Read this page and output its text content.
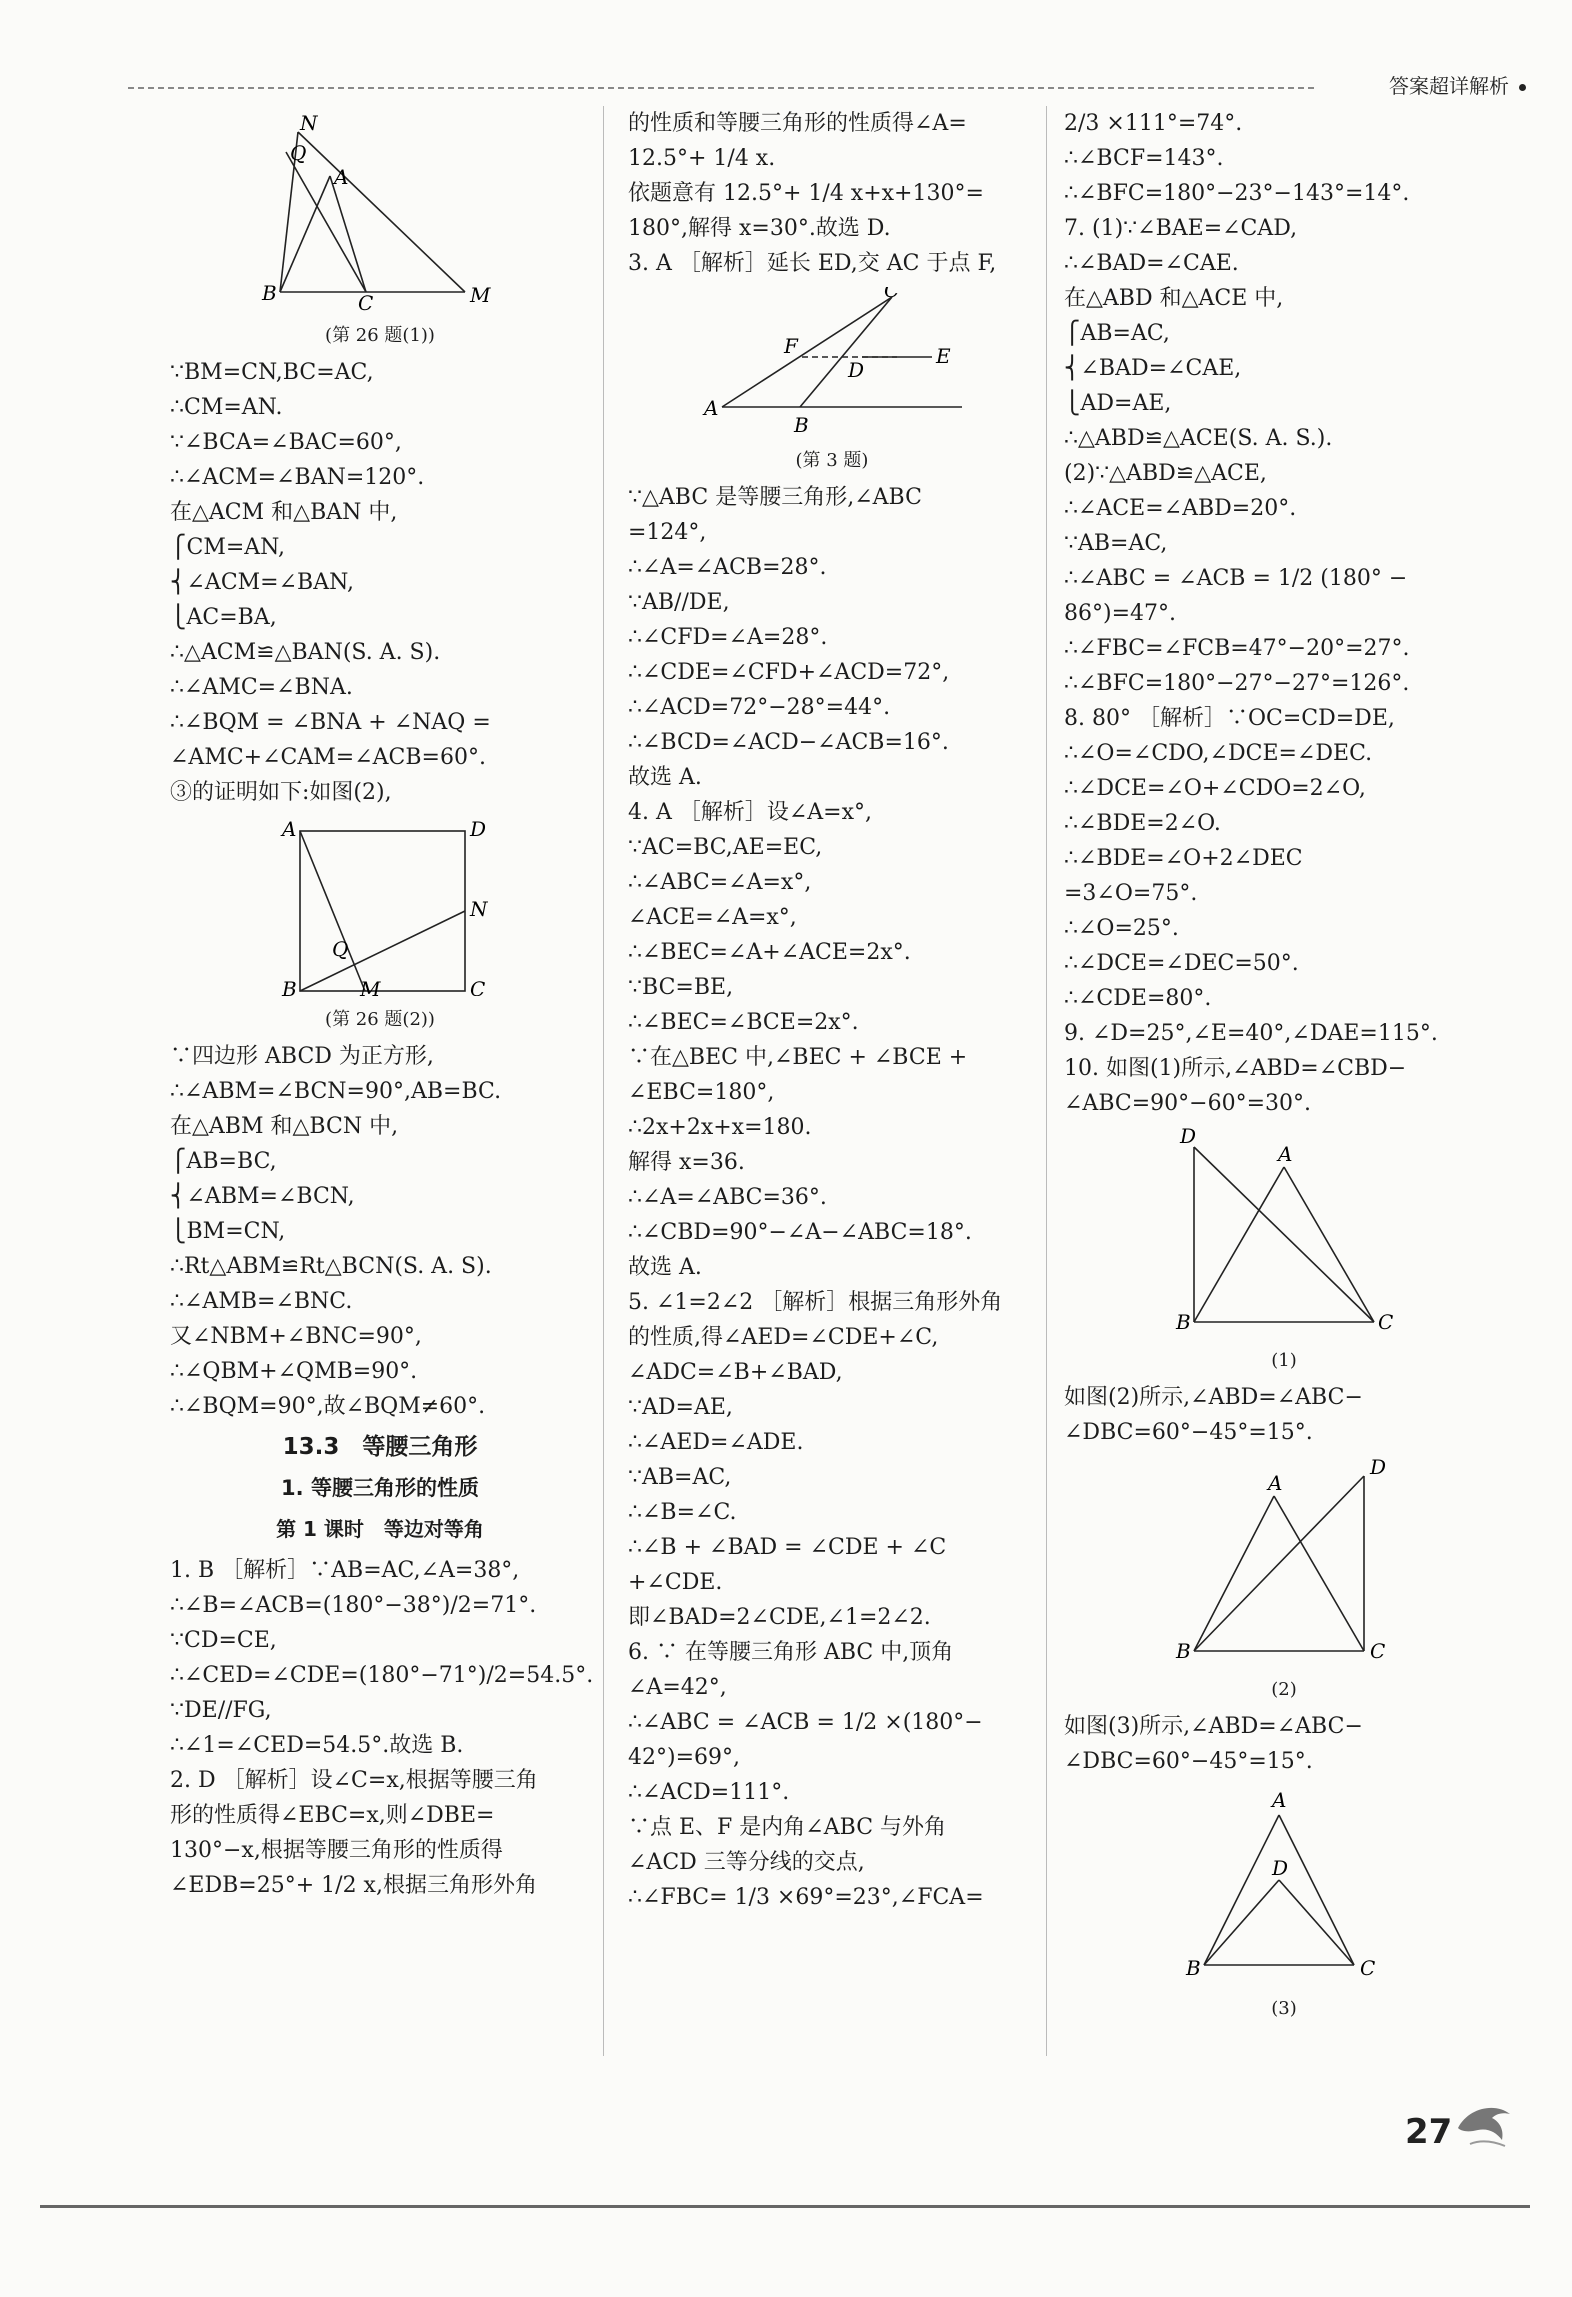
答案超详解析
N
Q
A
B	C	M
(第 26 题(1))
∵BM=CN,BC=AC,
∴CM=AN.
∵∠BCA=∠BAC=60°,
∴∠ACM=∠BAN=120°.
在△ACM 和△BAN 中,
⎧CM=AN,
⎨∠ACM=∠BAN,
⎩AC=BA,
∴△ACM≌△BAN(S. A. S).
∴∠AMC=∠BNA.
∴∠BQM = ∠BNA + ∠NAQ =
∠AMC+∠CAM=∠ACB=60°.
③的证明如下:如图(2),
A	D
N
Q
B	M	C
(第 26 题(2))
∵四边形 ABCD 为正方形,
∴∠ABM=∠BCN=90°,AB=BC.
在△ABM 和△BCN 中,
⎧AB=BC,
⎨∠ABM=∠BCN,
⎩BM=CN,
∴Rt△ABM≌Rt△BCN(S. A. S).
∴∠AMB=∠BNC.
又∠NBM+∠BNC=90°,
∴∠QBM+∠QMB=90°.
∴∠BQM=90°,故∠BQM≠60°.
13.3　等腰三角形
1. 等腰三角形的性质
第 1 课时　等边对等角
1. B ［解析］∵AB=AC,∠A=38°,
∴∠B=∠ACB=(180°−38°)/2=71°.
∵CD=CE,
∴∠CED=∠CDE=(180°−71°)/2=54.5°.
∵DE//FG,
∴∠1=∠CED=54.5°.故选 B.
2. D ［解析］设∠C=x,根据等腰三角
形的性质得∠EBC=x,则∠DBE=
130°−x,根据等腰三角形的性质得
∠EDB=25°+ 1/2 x,根据三角形外角
的性质和等腰三角形的性质得∠A=
12.5°+ 1/4 x.
依题意有 12.5°+ 1/4 x+x+130°=
180°,解得 x=30°.故选 D.
3. A ［解析］延长 ED,交 AC 于点 F,
A
B
C
F
D
E
(第 3 题)
∵△ABC 是等腰三角形,∠ABC
=124°,
∴∠A=∠ACB=28°.
∵AB//DE,
∴∠CFD=∠A=28°.
∴∠CDE=∠CFD+∠ACD=72°,
∴∠ACD=72°−28°=44°.
∴∠BCD=∠ACD−∠ACB=16°.
故选 A.
4. A ［解析］设∠A=x°,
∵AC=BC,AE=EC,
∴∠ABC=∠A=x°,
∠ACE=∠A=x°,
∴∠BEC=∠A+∠ACE=2x°.
∵BC=BE,
∴∠BEC=∠BCE=2x°.
∵在△BEC 中,∠BEC + ∠BCE +
∠EBC=180°,
∴2x+2x+x=180.
解得 x=36.
∴∠A=∠ABC=36°.
∴∠CBD=90°−∠A−∠ABC=18°.
故选 A.
5. ∠1=2∠2 ［解析］根据三角形外角
的性质,得∠AED=∠CDE+∠C,
∠ADC=∠B+∠BAD,
∵AD=AE,
∴∠AED=∠ADE.
∵AB=AC,
∴∠B=∠C.
∴∠B + ∠BAD = ∠CDE + ∠C
+∠CDE.
即∠BAD=2∠CDE,∠1=2∠2.
6. ∵ 在等腰三角形 ABC 中,顶角
∠A=42°,
∴∠ABC = ∠ACB = 1/2 ×(180°−
42°)=69°,
∴∠ACD=111°.
∵点 E、F 是内角∠ABC 与外角
∠ACD 三等分线的交点,
∴∠FBC= 1/3 ×69°=23°,∠FCA=
2/3 ×111°=74°.
∴∠BCF=143°.
∴∠BFC=180°−23°−143°=14°.
7. (1)∵∠BAE=∠CAD,
∴∠BAD=∠CAE.
在△ABD 和△ACE 中,
⎧AB=AC,
⎨∠BAD=∠CAE,
⎩AD=AE,
∴△ABD≌△ACE(S. A. S.).
(2)∵△ABD≌△ACE,
∴∠ACE=∠ABD=20°.
∵AB=AC,
∴∠ABC = ∠ACB = 1/2 (180° −
86°)=47°.
∴∠FBC=∠FCB=47°−20°=27°.
∴∠BFC=180°−27°−27°=126°.
8. 80° ［解析］∵OC=CD=DE,
∴∠O=∠CDO,∠DCE=∠DEC.
∴∠DCE=∠O+∠CDO=2∠O,
∴∠BDE=2∠O.
∴∠BDE=∠O+2∠DEC
=3∠O=75°.
∴∠O=25°.
∴∠DCE=∠DEC=50°.
∴∠CDE=80°.
9. ∠D=25°,∠E=40°,∠DAE=115°.
10. 如图(1)所示,∠ABD=∠CBD−
∠ABC=90°−60°=30°.
D
A
B	C
(1)
如图(2)所示,∠ABD=∠ABC−
∠DBC=60°−45°=15°.
A
D
B	C
(2)
如图(3)所示,∠ABD=∠ABC−
∠DBC=60°−45°=15°.
A
D
B	C
(3)
27
